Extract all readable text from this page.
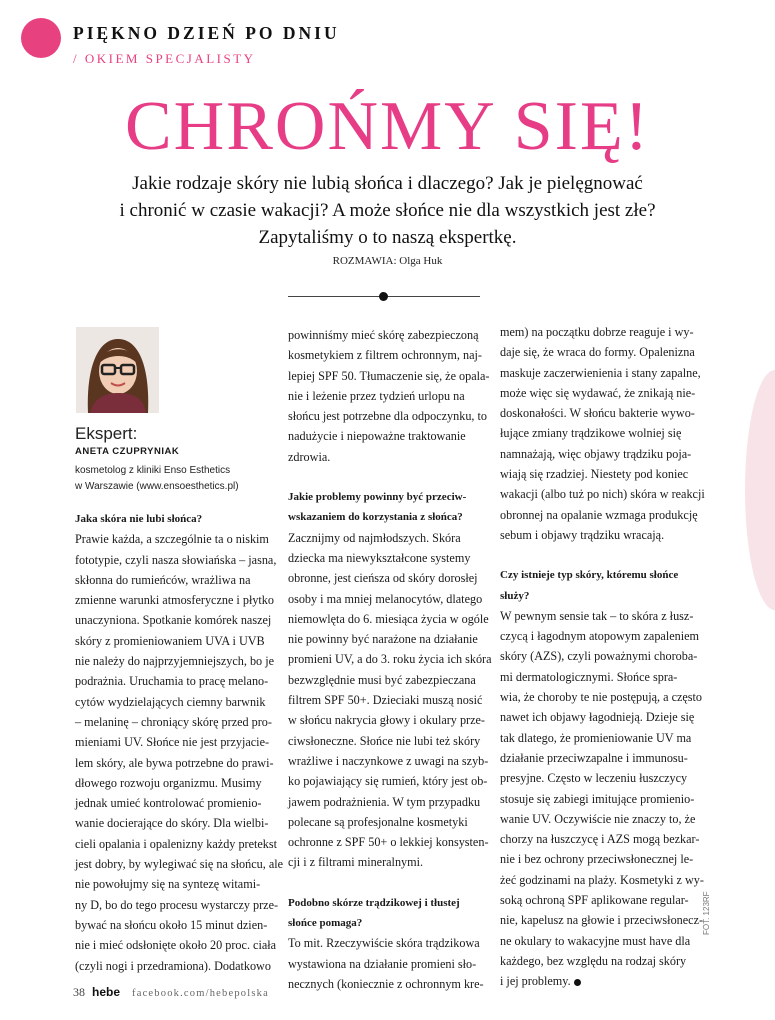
PIĘKNO DZIEŃ PO DNIU
/ OKIEM SPECJALISTY
CHROŃMY SIĘ!
Jakie rodzaje skóry nie lubią słońca i dlaczego? Jak je pielęgnować
i chronić w czasie wakacji? A może słońce nie dla wszystkich jest złe?
Zapytaliśmy o to naszą ekspertkę.
ROZMAWIA: Olga Huk
Ekspert:
ANETA CZUPRYNIAK
kosmetolog z kliniki Enso Esthetics
w Warszawie (www.ensoesthetics.pl)
Jaka skóra nie lubi słońca?
Prawie każda, a szczególnie ta o niskim
fototypie, czyli nasza słowiańska – jasna,
skłonna do rumieńców, wrażliwa na
zmienne warunki atmosferyczne i płytko
unaczyniona. Spotkanie komórek naszej
skóry z promieniowaniem UVA i UVB
nie należy do najprzyjemniejszych, bo je
podrażnia. Uruchamia to pracę melano-
cytów wydzielających ciemny barwnik
– melaninę – chroniący skórę przed pro-
mieniami UV. Słońce nie jest przyjacie-
lem skóry, ale bywa potrzebne do prawi-
dłowego rozwoju organizmu. Musimy
jednak umieć kontrolować promienio-
wanie docierające do skóry. Dla wielbi-
cieli opalania i opalenizny każdy pretekst
jest dobry, by wylegiwać się na słońcu, ale
nie powołujmy się na syntezę witami-
ny D, bo do tego procesu wystarczy prze-
bywać na słońcu około 15 minut dzien-
nie i mieć odsłonięte około 20 proc. ciała
(czyli nogi i przedramiona). Dodatkowo
powinniśmy mieć skórę zabezpieczoną
kosmetykiem z filtrem ochronnym, naj-
lepiej SPF 50. Tłumaczenie się, że opala-
nie i leżenie przez tydzień urlopu na
słońcu jest potrzebne dla odpoczynku, to
nadużycie i niepoważne traktowanie
zdrowia.
Jakie problemy powinny być przeciw-
wskazaniem do korzystania z słońca?
Zacznijmy od najmłodszych. Skóra
dziecka ma niewykształcone systemy
obronne, jest cieńsza od skóry dorosłej
osoby i ma mniej melanocytów, dlatego
niemowlęta do 6. miesiąca życia w ogóle
nie powinny być narażone na działanie
promieni UV, a do 3. roku życia ich skóra
bezwzględnie musi być zabezpieczana
filtrem SPF 50+. Dzieciaki muszą nosić
w słońcu nakrycia głowy i okulary prze-
ciwsłoneczne. Słońce nie lubi też skóry
wrażliwe i naczynkowe z uwagi na szyb-
ko pojawiający się rumień, który jest ob-
jawem podrażnienia. W tym przypadku
polecane są profesjonalne kosmetyki
ochronne z SPF 50+ o lekkiej konsysten-
cji i z filtrami mineralnymi.
Podobno skórze trądzikowej i tłustej
słońce pomaga?
To mit. Rzeczywiście skóra trądzikowa
wystawiona na działanie promieni sło-
necznych (koniecznie z ochronnym kre-
mem) na początku dobrze reaguje i wy-
daje się, że wraca do formy. Opalenizna
maskuje zaczerwienienia i stany zapalne,
może więc się wydawać, że znikają nie-
doskonałości. W słońcu bakterie wywo-
łujące zmiany trądzikowe wolniej się
namnażają, więc objawy trądziku poja-
wiają się rzadziej. Niestety pod koniec
wakacji (albo tuż po nich) skóra w reakcji
obronnej na opalanie wzmaga produkcję
sebum i objawy trądziku wracają.
Czy istnieje typ skóry, któremu słońce
służy?
W pewnym sensie tak – to skóra z łusz-
czycą i łagodnym atopowym zapaleniem
skóry (AZS), czyli poważnymi choroba-
mi dermatologicznymi. Słońce spra-
wia, że choroby te nie postępują, a często
nawet ich objawy łagodnieją. Dzieje się
tak dlatego, że promieniowanie UV ma
działanie przeciwzapalne i immunosu-
presyjne. Często w leczeniu łuszczycy
stosuje się zabiegi imitujące promienio-
wanie UV. Oczywiście nie znaczy to, że
chorzy na łuszczycę i AZS mogą bezkar-
nie i bez ochrony przeciwsłonecznej le-
żeć godzinami na plaży. Kosmetyki z wy-
soką ochroną SPF aplikowane regular-
nie, kapelusz na głowie i przeciwsłonecz-
ne okulary to wakacyjne must have dla
każdego, bez względu na rodzaj skóry
i jej problemy.
FOT. 123RF
38 hebe facebook.com/hebepolska
